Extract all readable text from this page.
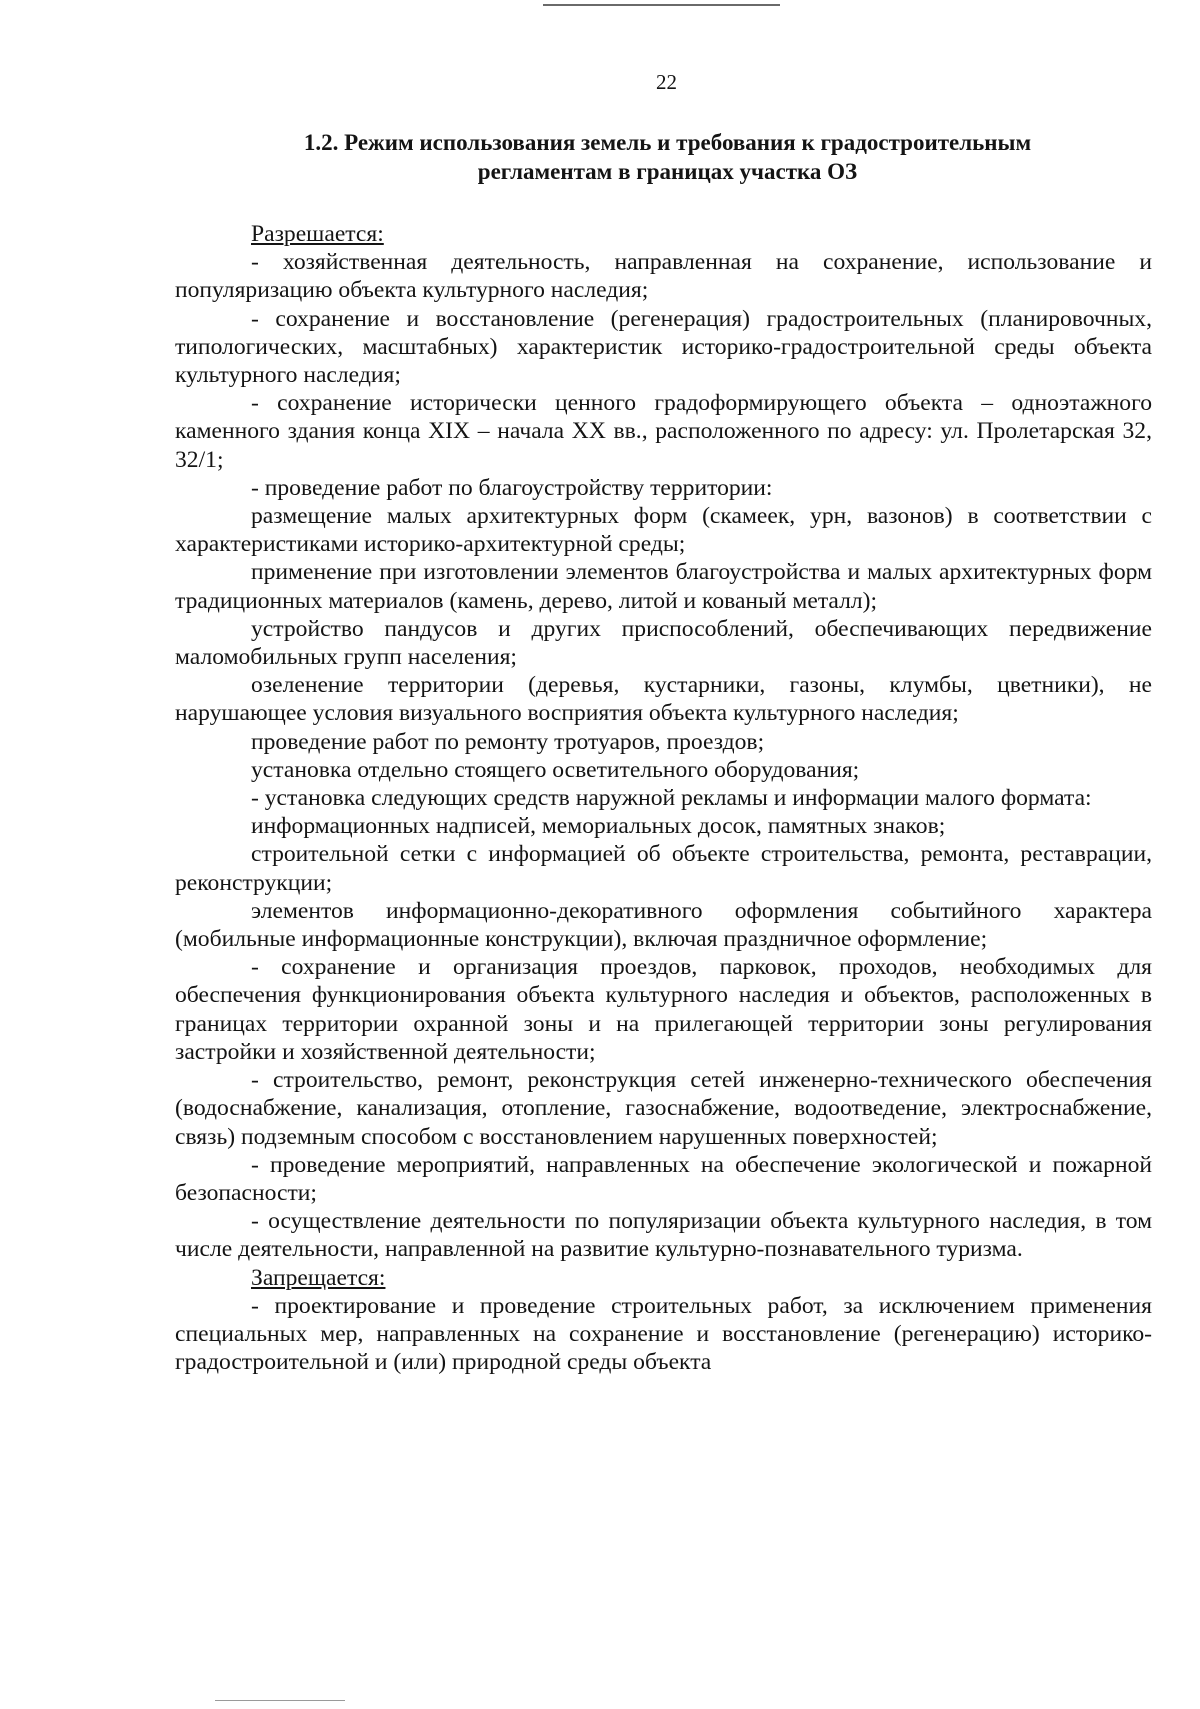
22
1.2. Режим использования земель и требования к градостроительным
регламентам в границах участка ОЗ

Разрешается:

- хозяйственная деятельность, направленная на сохранение, использование и популяризацию объекта культурного наследия;

- сохранение и восстановление (регенерация) градостроительных (планировочных, типологических, масштабных) характеристик историко-градостроительной среды объекта культурного наследия;

- сохранение исторически ценного градоформирующего объекта – одноэтажного каменного здания конца XIX – начала XX вв., расположенного по адресу: ул. Пролетарская 32, 32/1;

- проведение работ по благоустройству территории:

размещение малых архитектурных форм (скамеек, урн, вазонов) в соответствии с характеристиками историко-архитектурной среды;

применение при изготовлении элементов благоустройства и малых архитектурных форм традиционных материалов (камень, дерево, литой и кованый металл);

устройство пандусов и других приспособлений, обеспечивающих передвижение маломобильных групп населения;

озеленение территории (деревья, кустарники, газоны, клумбы, цветники), не нарушающее условия визуального восприятия объекта культурного наследия;

проведение работ по ремонту тротуаров, проездов;

установка отдельно стоящего осветительного оборудования;

- установка следующих средств наружной рекламы и информации малого формата:

информационных надписей, мемориальных досок, памятных знаков;

строительной сетки с информацией об объекте строительства, ремонта, реставрации, реконструкции;

элементов информационно-декоративного оформления событийного характера (мобильные информационные конструкции), включая праздничное оформление;

- сохранение и организация проездов, парковок, проходов, необходимых для обеспечения функционирования объекта культурного наследия и объектов, расположенных в границах территории охранной зоны и на прилегающей территории зоны регулирования застройки и хозяйственной деятельности;

- строительство, ремонт, реконструкция сетей инженерно-технического обеспечения (водоснабжение, канализация, отопление, газоснабжение, водоотведение, электроснабжение, связь) подземным способом с восстановлением нарушенных поверхностей;

- проведение мероприятий, направленных на обеспечение экологической и пожарной безопасности;

- осуществление деятельности по популяризации объекта культурного наследия, в том числе деятельности, направленной на развитие культурно-познавательного туризма.

Запрещается:

- проектирование и проведение строительных работ, за исключением применения специальных мер, направленных на сохранение и восстановление (регенерацию) историко-градостроительной и (или) природной среды объекта
